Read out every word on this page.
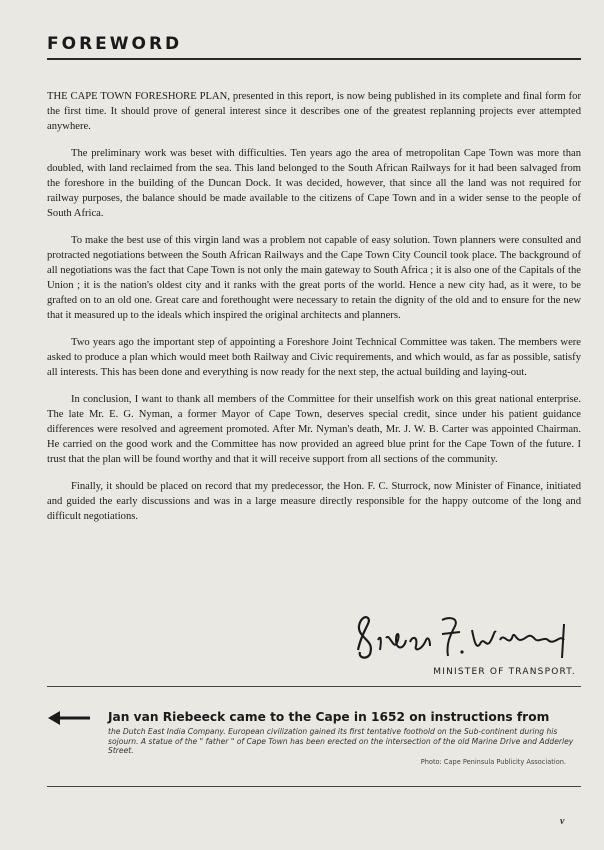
FOREWORD

THE CAPE TOWN FORESHORE PLAN, presented in this report, is now being published in its complete and final form for the first time. It should prove of general interest since it describes one of the greatest replanning projects ever attempted anywhere.

The preliminary work was beset with difficulties. Ten years ago the area of metropolitan Cape Town was more than doubled, with land reclaimed from the sea. This land belonged to the South African Railways for it had been salvaged from the foreshore in the building of the Duncan Dock. It was decided, however, that since all the land was not required for railway purposes, the balance should be made available to the citizens of Cape Town and in a wider sense to the people of South Africa.

To make the best use of this virgin land was a problem not capable of easy solution. Town planners were consulted and protracted negotiations between the South African Railways and the Cape Town City Council took place. The background of all negotiations was the fact that Cape Town is not only the main gateway to South Africa ; it is also one of the Capitals of the Union ; it is the nation's oldest city and it ranks with the great ports of the world. Hence a new city had, as it were, to be grafted on to an old one. Great care and forethought were necessary to retain the dignity of the old and to ensure for the new that it measured up to the ideals which inspired the original architects and planners.

Two years ago the important step of appointing a Foreshore Joint Technical Committee was taken. The members were asked to produce a plan which would meet both Railway and Civic requirements, and which would, as far as possible, satisfy all interests. This has been done and everything is now ready for the next step, the actual building and laying-out.

In conclusion, I want to thank all members of the Committee for their unselfish work on this great national enterprise. The late Mr. E. G. Nyman, a former Mayor of Cape Town, deserves special credit, since under his patient guidance differences were resolved and agreement promoted. After Mr. Nyman's death, Mr. J. W. B. Carter was appointed Chairman. He carried on the good work and the Committee has now provided an agreed blue print for the Cape Town of the future. I trust that the plan will be found worthy and that it will receive support from all sections of the community.

Finally, it should be placed on record that my predecessor, the Hon. F. C. Sturrock, now Minister of Finance, initiated and guided the early discussions and was in a large measure directly responsible for the happy outcome of the long and difficult negotiations.

MINISTER OF TRANSPORT.
Jan van Riebeeck came to the Cape in 1652 on instructions from
the Dutch East India Company. European civilization gained its first tentative foothold on the Sub-continent during his sojourn. A statue of the " father " of Cape Town has been erected on the intersection of the old Marine Drive and Adderley Street.
Photo: Cape Peninsula Publicity Association.
v
